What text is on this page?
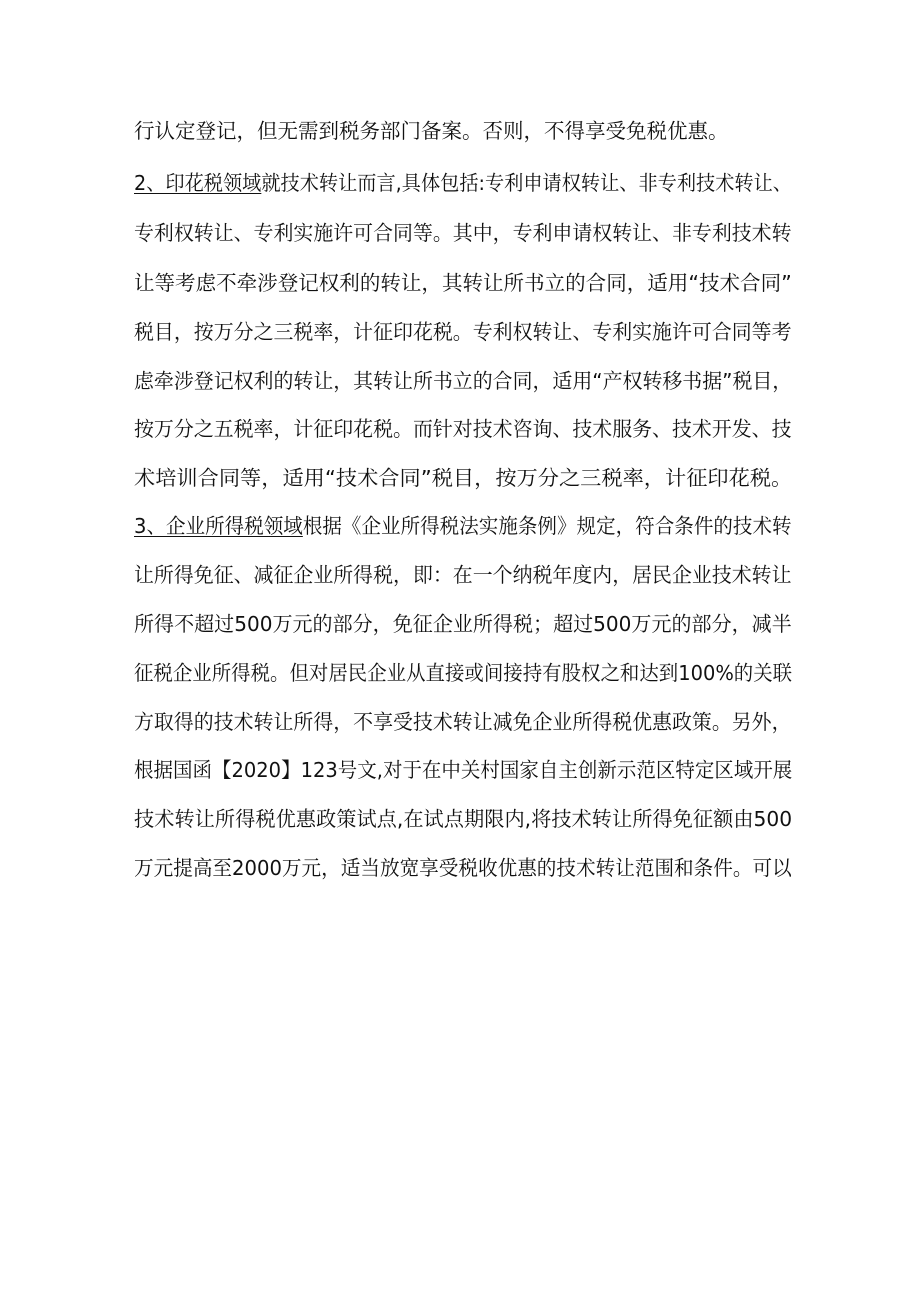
行认定登记，但无需到税务部门备案。否则，不得享受免税优惠。
2、印花税领域就技术转让而言,具体包括:专利申请权转让、非专利技术转让、
专利权转让、专利实施许可合同等。其中，专利申请权转让、非专利技术转
让等考虑不牵涉登记权利的转让，其转让所书立的合同，适用“技术合同”
税目，按万分之三税率，计征印花税。专利权转让、专利实施许可合同等考
虑牵涉登记权利的转让，其转让所书立的合同，适用“产权转移书据”税目，
按万分之五税率，计征印花税。而针对技术咨询、技术服务、技术开发、技
术培训合同等，适用“技术合同”税目，按万分之三税率，计征印花税。
3、企业所得税领域根据《企业所得税法实施条例》规定，符合条件的技术转
让所得免征、减征企业所得税，即：在一个纳税年度内，居民企业技术转让
所得不超过500万元的部分，免征企业所得税；超过500万元的部分，减半
征税企业所得税。但对居民企业从直接或间接持有股权之和达到100%的关联
方取得的技术转让所得，不享受技术转让减免企业所得税优惠政策。另外，
根据国函【2020】123号文,对于在中关村国家自主创新示范区特定区域开展
技术转让所得税优惠政策试点,在试点期限内,将技术转让所得免征额由500
万元提高至2000万元，适当放宽享受税收优惠的技术转让范围和条件。可以
